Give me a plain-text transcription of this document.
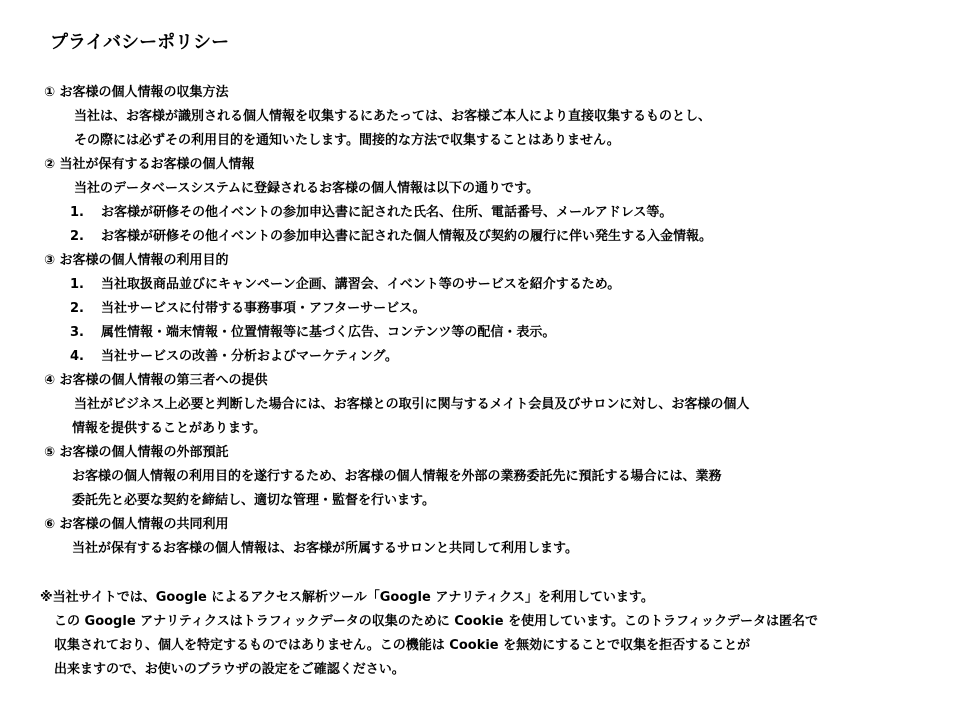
プライバシーポリシー
① お客様の個人情報の収集方法
当社は、お客様が識別される個人情報を収集するにあたっては、お客様ご本人により直接収集するものとし、
その際には必ずその利用目的を通知いたします。間接的な方法で収集することはありません。
② 当社が保有するお客様の個人情報
当社のデータベースシステムに登録されるお客様の個人情報は以下の通りです。
1. お客様が研修その他イベントの参加申込書に記された氏名、住所、電話番号、メールアドレス等。
2. お客様が研修その他イベントの参加申込書に記された個人情報及び契約の履行に伴い発生する入金情報。
③ お客様の個人情報の利用目的
1. 当社取扱商品並びにキャンペーン企画、講習会、イベント等のサービスを紹介するため。
2. 当社サービスに付帯する事務事項・アフターサービス。
3. 属性情報・端末情報・位置情報等に基づく広告、コンテンツ等の配信・表示。
4. 当社サービスの改善・分析およびマーケティング。
④ お客様の個人情報の第三者への提供
当社がビジネス上必要と判断した場合には、お客様との取引に関与するメイト会員及びサロンに対し、お客様の個人
情報を提供することがあります。
⑤ お客様の個人情報の外部預託
お客様の個人情報の利用目的を遂行するため、お客様の個人情報を外部の業務委託先に預託する場合には、業務
委託先と必要な契約を締結し、適切な管理・監督を行います。
⑥ お客様の個人情報の共同利用
当社が保有するお客様の個人情報は、お客様が所属するサロンと共同して利用します。
※当社サイトでは、Google によるアクセス解析ツール「Google アナリティクス」を利用しています。
この Google アナリティクスはトラフィックデータの収集のために Cookie を使用しています。このトラフィックデータは匿名で
収集されており、個人を特定するものではありません。この機能は Cookie を無効にすることで収集を拒否することが
出来ますので、お使いのブラウザの設定をご確認ください。
